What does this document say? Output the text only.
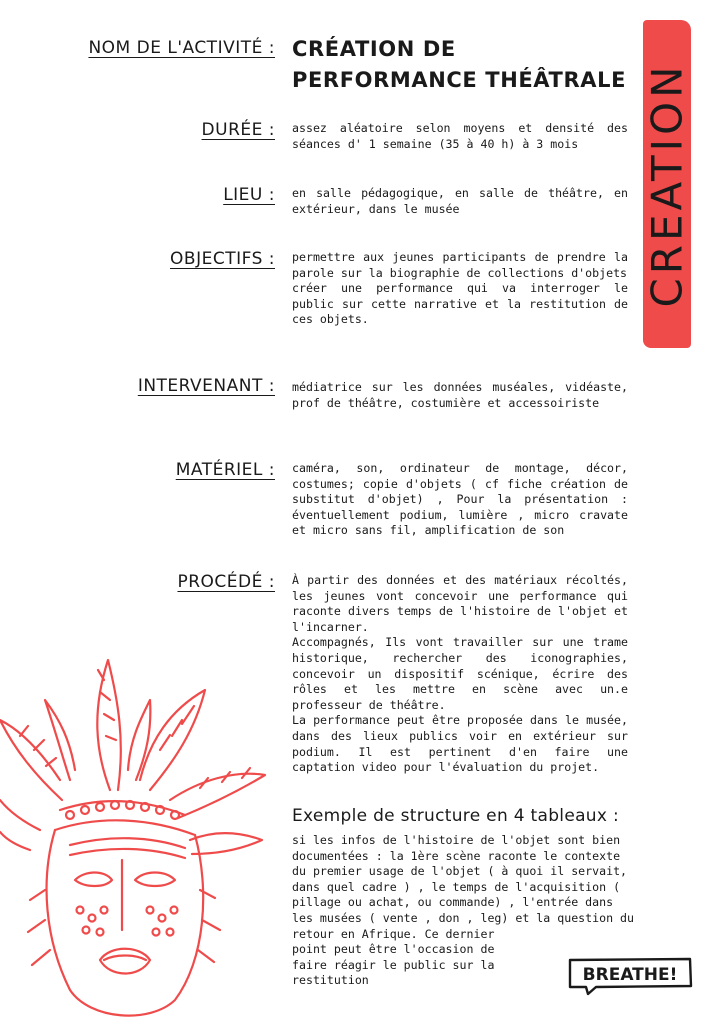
CREATION
NOM DE L'ACTIVITÉ : CRÉATION DE
PERFORMANCE THÉÂTRALE
DURÉE : assez aléatoire selon moyens et densité des séances d' 1 semaine (35 à 40 h) à 3 mois
LIEU : en salle pédagogique, en salle de théâtre, en extérieur, dans le musée
OBJECTIFS : permettre aux jeunes participants de prendre la parole sur la biographie de collections d'objets

créer une performance qui va interroger le public sur cette narrative et la restitution de ces objets.

INTERVENANT : médiatrice sur les données muséales, vidéaste, prof de théâtre, costumière et accessoiriste
MATÉRIEL : caméra, son, ordinateur de montage, décor, costumes; copie d'objets ( cf fiche création de substitut d'objet) , Pour la présentation : éventuellement podium, lumière , micro cravate et micro sans fil, amplification de son
PROCÉDÉ : À partir des données et des matériaux récoltés, les jeunes vont concevoir une performance qui raconte divers temps de l'histoire de l'objet et l'incarner.

Accompagnés, Ils vont travailler sur une trame historique, rechercher des iconographies, concevoir un dispositif scénique, écrire des rôles et les mettre en scène avec un.e professeur de théâtre.

La performance peut être proposée dans le musée, dans des lieux publics voir en extérieur sur podium. Il est pertinent d'en faire une captation video pour l'évaluation du projet.

Exemple de structure en 4 tableaux :
si les infos de l'histoire de l'objet sont bien
documentées : la 1ère scène raconte le contexte
du premier usage de l'objet ( à quoi il servait,
dans quel cadre ) , le temps de l'acquisition (
pillage ou achat, ou commande) , l'entrée dans
les musées ( vente , don , leg) et la question du
retour en Afrique. Ce dernier
point peut être l'occasion de
faire réagir le public sur la
restitution	BREATHE!
